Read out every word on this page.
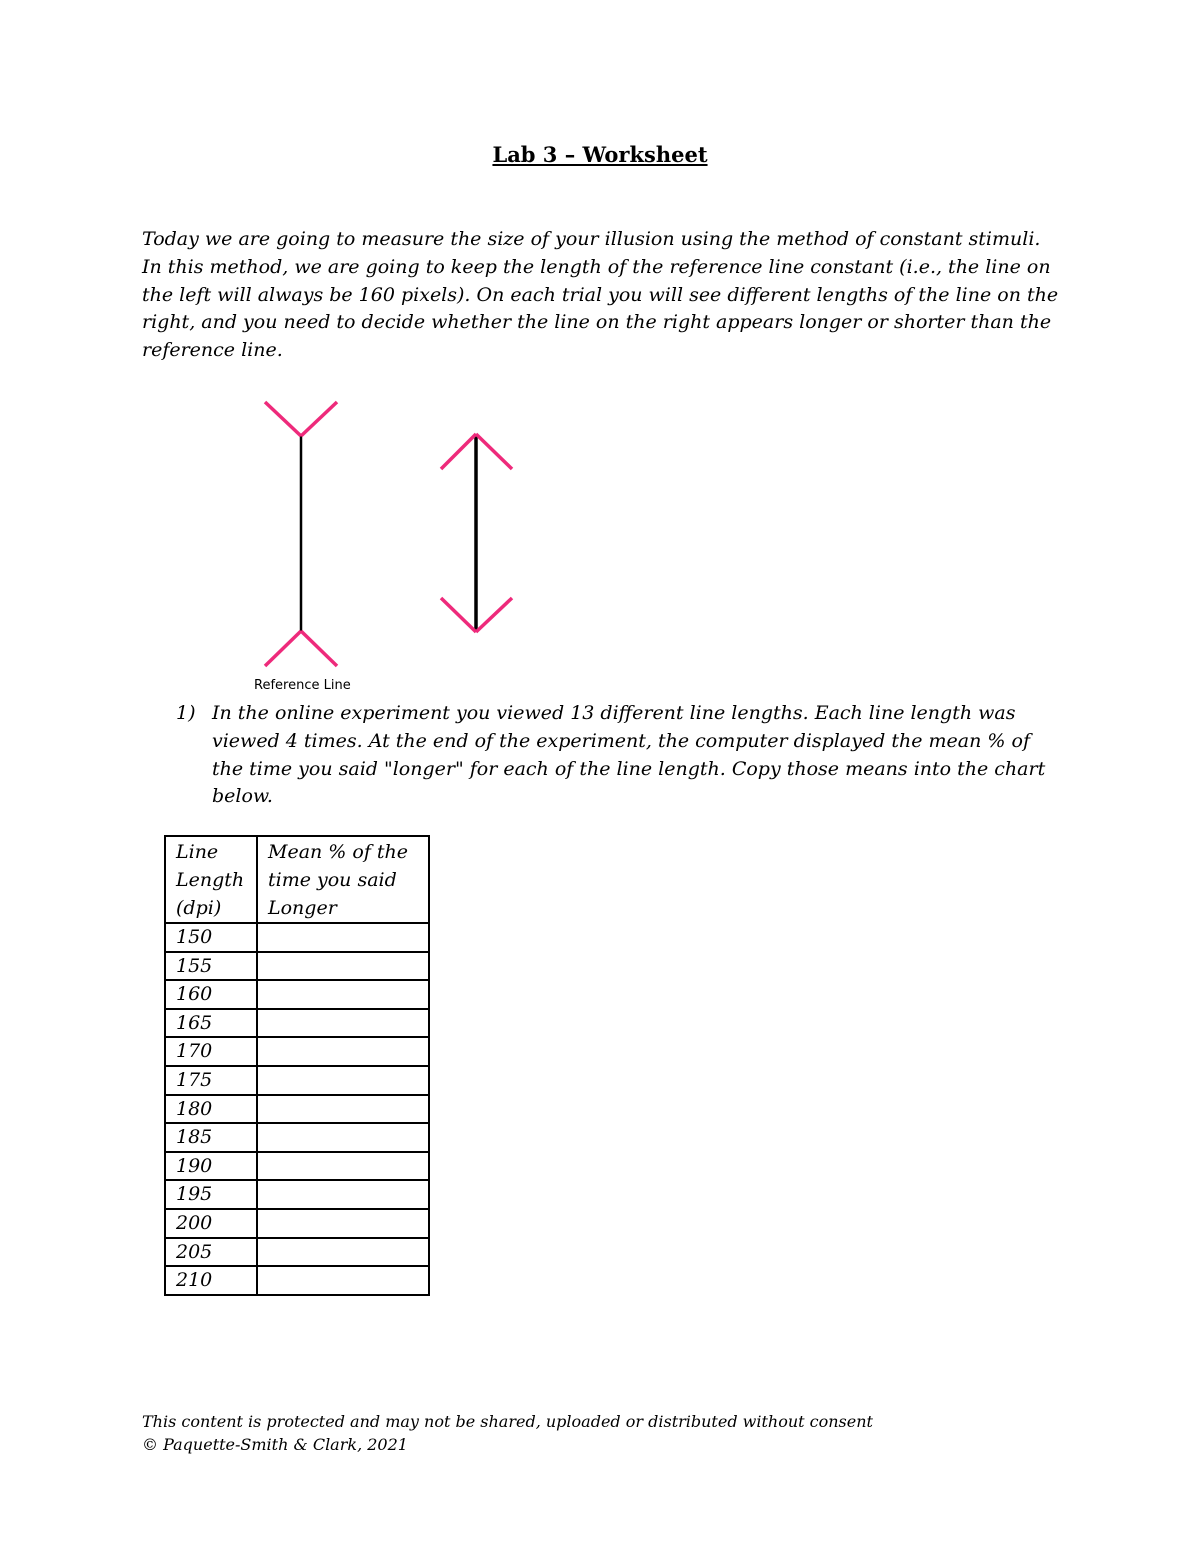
Lab 3 – Worksheet

Today we are going to measure the size of your illusion using the method of constant stimuli. In this method, we are going to keep the length of the reference line constant (i.e., the line on the left will always be 160 pixels). On each trial you will see different lengths of the line on the right, and you need to decide whether the line on the right appears longer or shorter than the reference line.

Reference Line
1) In the online experiment you viewed 13 different line lengths. Each line length was viewed 4 times. At the end of the experiment, the computer displayed the mean % of the time you said "longer" for each of the line length. Copy those means into the chart below.
Line Length (dpi)	Mean % of the time you said Longer
150	
155	
160	
165	
170	
175	
180	
185	
190	
195	
200	
205	
210	
This content is protected and may not be shared, uploaded or distributed without consent
© Paquette-Smith & Clark, 2021
